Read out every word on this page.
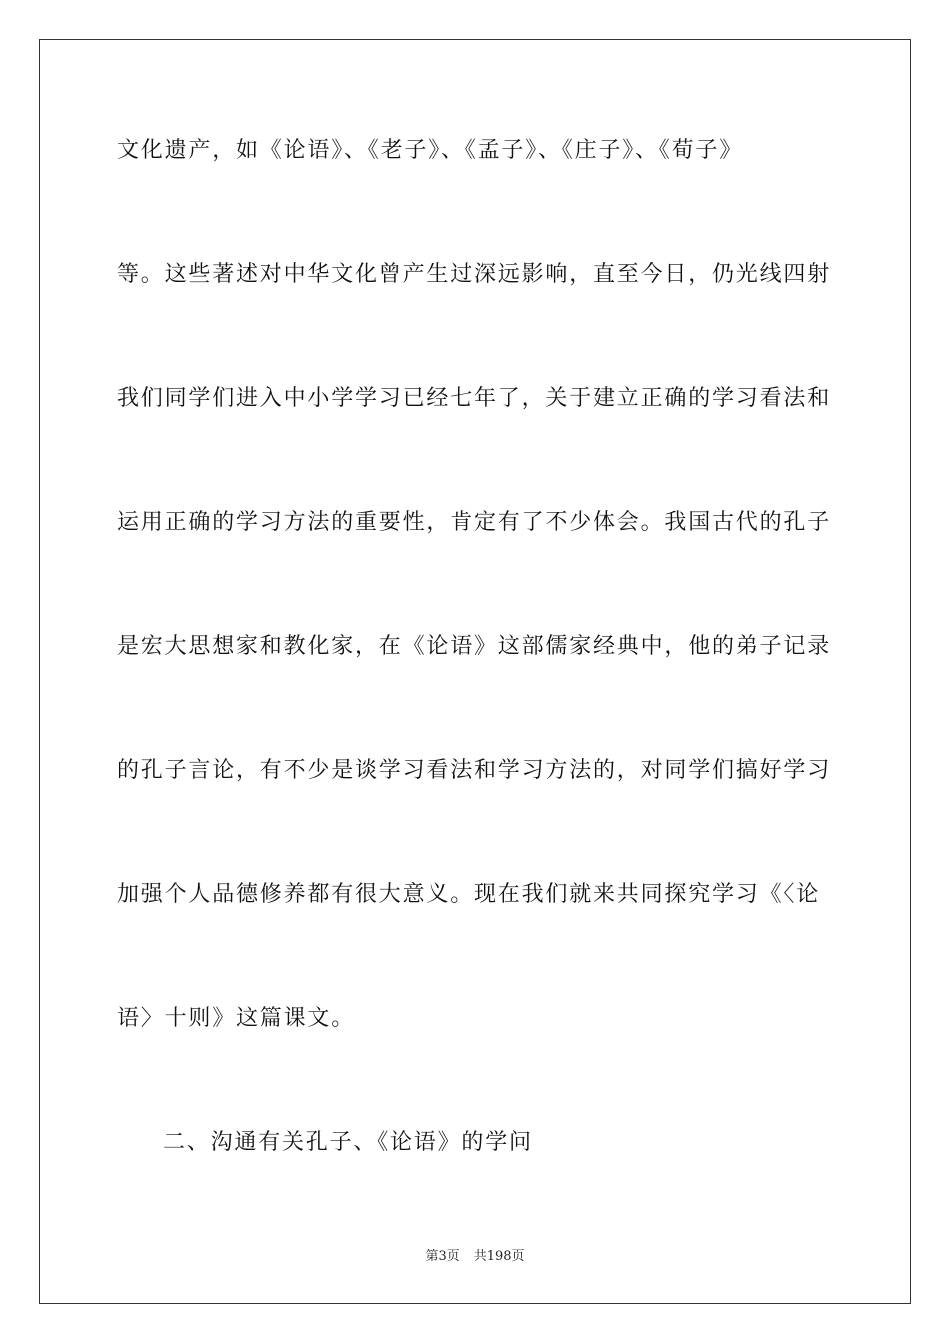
文化遗产，如《论语》、《老子》、《孟子》、《庄子》、《荀子》
等。这些著述对中华文化曾产生过深远影响，直至今日，仍光线四射
我们同学们进入中小学学习已经七年了，关于建立正确的学习看法和
运用正确的学习方法的重要性，肯定有了不少体会。我国古代的孔子
是宏大思想家和教化家，在《论语》这部儒家经典中，他的弟子记录
的孔子言论，有不少是谈学习看法和学习方法的，对同学们搞好学习
加强个人品德修养都有很大意义。现在我们就来共同探究学习《〈论
语〉十则》这篇课文。
二、沟通有关孔子、《论语》的学问
第3页 共198页
